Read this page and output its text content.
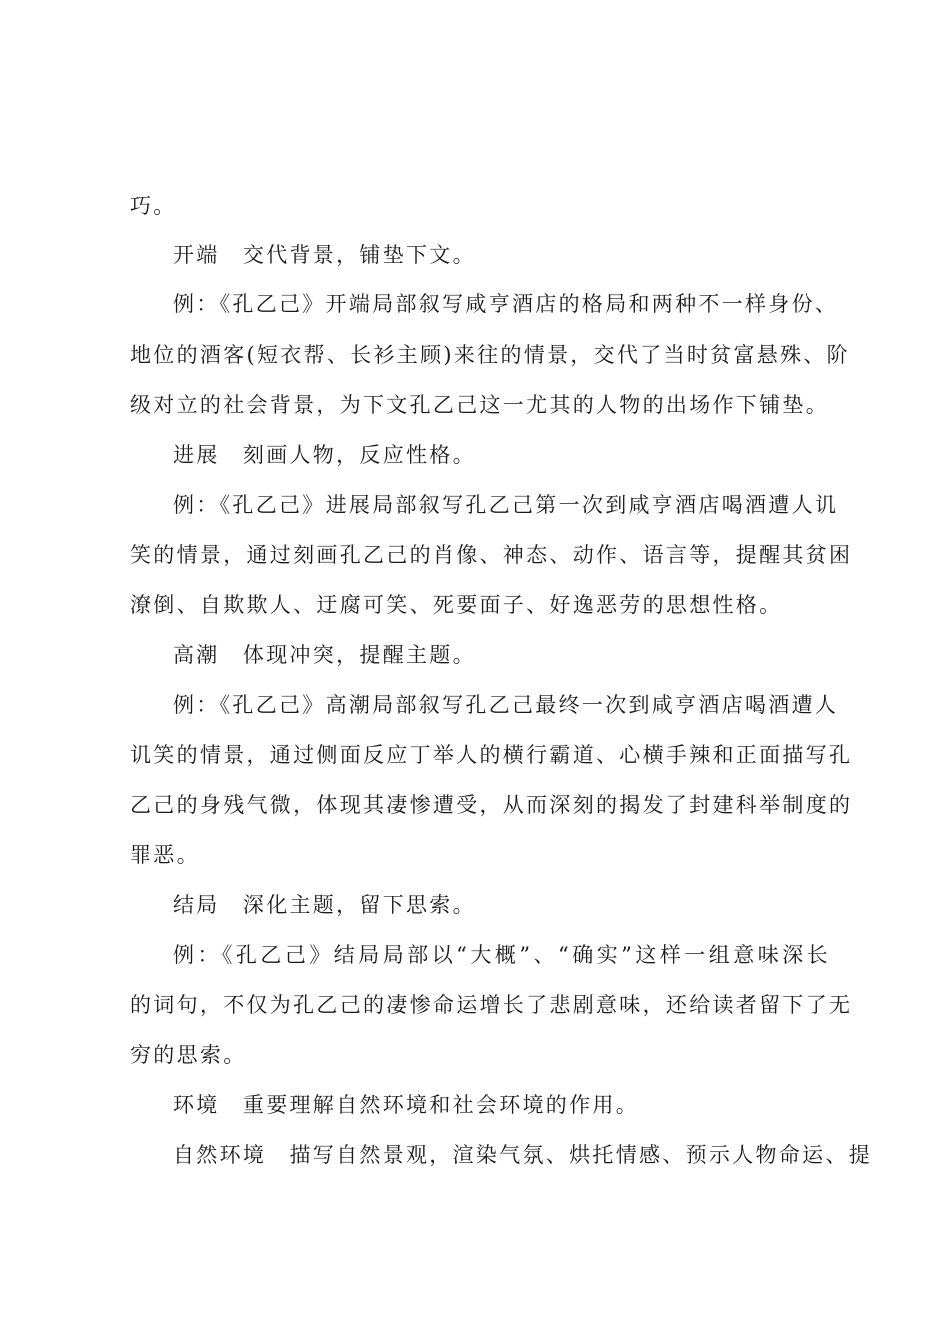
巧。
开端　交代背景，铺垫下文。
例：《孔乙己》开端局部叙写咸亨酒店的格局和两种不一样身份、
地位的酒客(短衣帮、长衫主顾)来往的情景，交代了当时贫富悬殊、阶
级对立的社会背景，为下文孔乙己这一尤其的人物的出场作下铺垫。
进展　刻画人物，反应性格。
例：《孔乙己》进展局部叙写孔乙己第一次到咸亨酒店喝酒遭人讥
笑的情景，通过刻画孔乙己的肖像、神态、动作、语言等，提醒其贫困
潦倒、自欺欺人、迂腐可笑、死要面子、好逸恶劳的思想性格。
高潮　体现冲突，提醒主题。
例：《孔乙己》高潮局部叙写孔乙己最终一次到咸亨酒店喝酒遭人
讥笑的情景，通过侧面反应丁举人的横行霸道、心横手辣和正面描写孔
乙己的身残气微，体现其凄惨遭受，从而深刻的揭发了封建科举制度的
罪恶。
结局　深化主题，留下思索。
例：《孔乙己》结局局部以“大概”、“确实”这样一组意味深长
的词句，不仅为孔乙己的凄惨命运增长了悲剧意味，还给读者留下了无
穷的思索。
环境　重要理解自然环境和社会环境的作用。
自然环境　描写自然景观，渲染气氛、烘托情感、预示人物命运、提
